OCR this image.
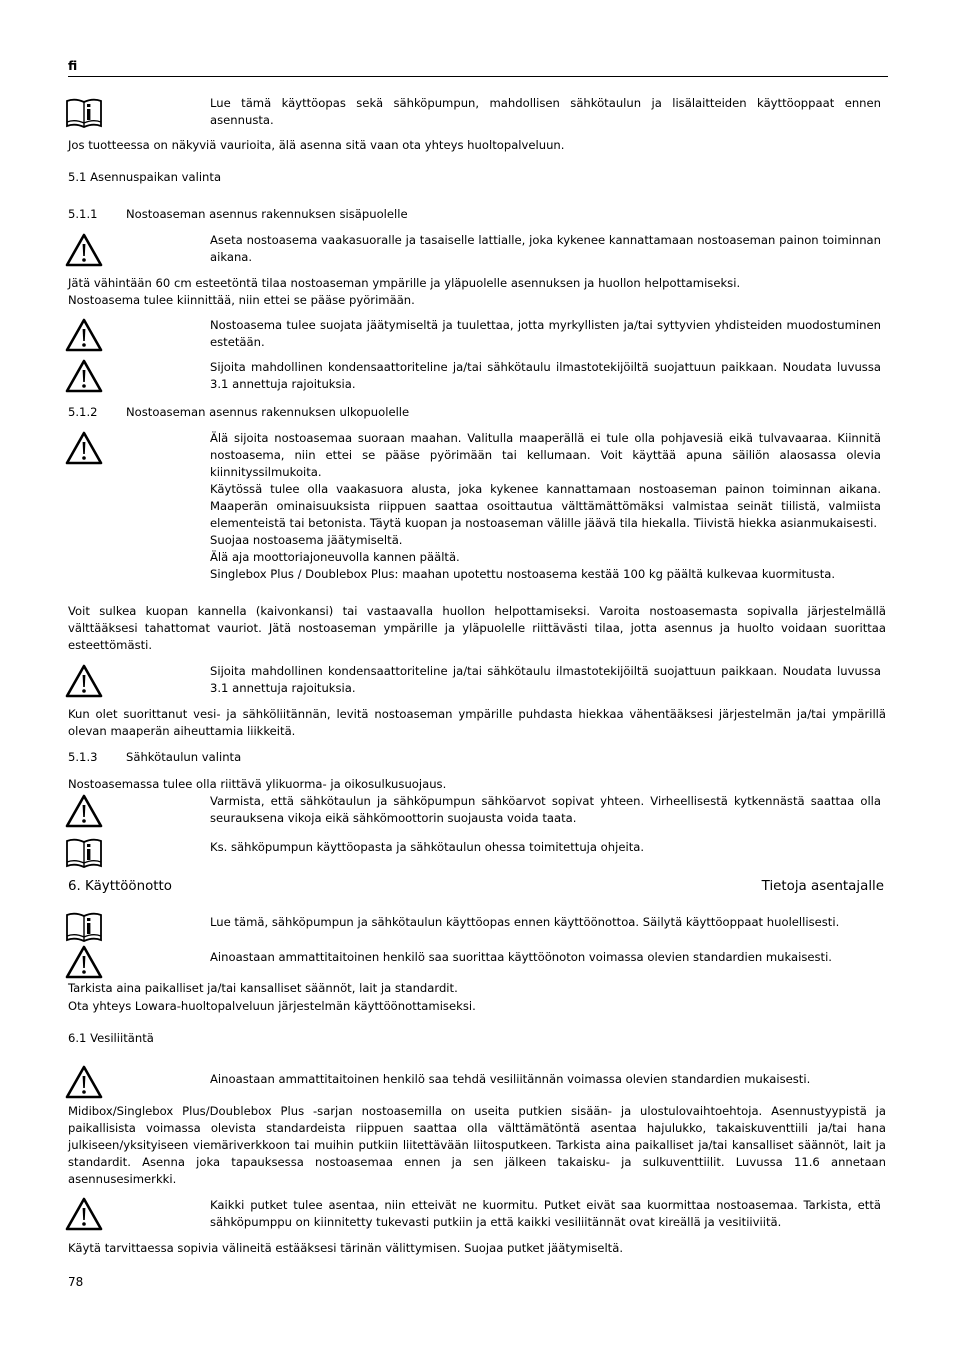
fi
Lue tämä käyttöopas sekä sähköpumpun, mahdollisen sähkötaulun ja lisälaitteiden käyttöoppaat ennen asennusta.

Jos tuotteessa on näkyviä vaurioita, älä asenna sitä vaan ota yhteys huoltopalveluun.

5.1 Asennuspaikan valinta
5.1.1 Nostoaseman asennus rakennuksen sisäpuolelle
Aseta nostoasema vaakasuoralle ja tasaiselle lattialle, joka kykenee kannattamaan nostoaseman painon toiminnan aikana.

Jätä vähintään 60 cm esteetöntä tilaa nostoaseman ympärille ja yläpuolelle asennuksen ja huollon helpottamiseksi.

Nostoasema tulee kiinnittää, niin ettei se pääse pyörimään.

Nostoasema tulee suojata jäätymiseltä ja tuulettaa, jotta myrkyllisten ja/tai syttyvien yhdisteiden muodostuminen estetään.
Sijoita mahdollinen kondensaattoriteline ja/tai sähkötaulu ilmastotekijöiltä suojattuun paikkaan. Noudata luvussa 3.1 annettuja rajoituksia.
5.1.2 Nostoaseman asennus rakennuksen ulkopuolelle

Älä sijoita nostoasemaa suoraan maahan. Valitulla maaperällä ei tule olla pohjavesiä eikä tulvavaaraa. Kiinnitä nostoasema, niin ettei se pääse pyörimään tai kellumaan. Voit käyttää apuna säiliön alaosassa olevia kiinnityssilmukoita.

Käytössä tulee olla vaakasuora alusta, joka kykenee kannattamaan nostoaseman painon toiminnan aikana. Maaperän ominaisuuksista riippuen saattaa osoittautua välttämättömäksi valmistaa seinät tiilistä, valmiista elementeistä tai betonista. Täytä kuopan ja nostoaseman välille jäävä tila hiekalla. Tiivistä hiekka asianmukaisesti.

Suojaa nostoasema jäätymiseltä.

Älä aja moottoriajoneuvolla kannen päältä.

Singlebox Plus / Doublebox Plus: maahan upotettu nostoasema kestää 100 kg päältä kulkevaa kuormitusta.

Voit sulkea kuopan kannella (kaivonkansi) tai vastaavalla huollon helpottamiseksi. Varoita nostoasemasta sopivalla järjestelmällä välttääksesi tahattomat vauriot. Jätä nostoaseman ympärille ja yläpuolelle riittävästi tilaa, jotta asennus ja huolto voidaan suorittaa esteettömästi.

Sijoita mahdollinen kondensaattoriteline ja/tai sähkötaulu ilmastotekijöiltä suojattuun paikkaan. Noudata luvussa 3.1 annettuja rajoituksia.

Kun olet suorittanut vesi- ja sähköliitännän, levitä nostoaseman ympärille puhdasta hiekkaa vähentääksesi järjestelmän ja/tai ympärillä olevan maaperän aiheuttamia liikkeitä.

5.1.3 Sähkötaulun valinta

Nostoasemassa tulee olla riittävä ylikuorma- ja oikosulkusuojaus.

Varmista, että sähkötaulun ja sähköpumpun sähköarvot sopivat yhteen. Virheellisestä kytkennästä saattaa olla seurauksena vikoja eikä sähkömoottorin suojausta voida taata.
Ks. sähköpumpun käyttöopasta ja sähkötaulun ohessa toimitettuja ohjeita.
6. Käyttöönotto	Tietoja asentajalle
Lue tämä, sähköpumpun ja sähkötaulun käyttöopas ennen käyttöönottoa. Säilytä käyttöoppaat huolellisesti.
Ainoastaan ammattitaitoinen henkilö saa suorittaa käyttöönoton voimassa olevien standardien mukaisesti.

Tarkista aina paikalliset ja/tai kansalliset säännöt, lait ja standardit.

Ota yhteys Lowara-huoltopalveluun järjestelmän käyttöönottamiseksi.

6.1 Vesiliitäntä
Ainoastaan ammattitaitoinen henkilö saa tehdä vesiliitännän voimassa olevien standardien mukaisesti.

Midibox/Singlebox Plus/Doublebox Plus -sarjan nostoasemilla on useita putkien sisään- ja ulostulovaihtoehtoja. Asennustyypistä ja paikallisista voimassa olevista standardeista riippuen saattaa olla välttämätöntä asentaa hajulukko, takaiskuventtiili ja/tai hana julkiseen/yksityiseen viemäriverkkoon tai muihin putkiin liitettävään liitosputkeen. Tarkista aina paikalliset ja/tai kansalliset säännöt, lait ja standardit. Asenna joka tapauksessa nostoasemaa ennen ja sen jälkeen takaisku- ja sulkuventtiilit. Luvussa 11.6 annetaan asennusesimerkki.

Kaikki putket tulee asentaa, niin etteivät ne kuormitu. Putket eivät saa kuormittaa nostoasemaa. Tarkista, että sähköpumppu on kiinnitetty tukevasti putkiin ja että kaikki vesiliitännät ovat kireällä ja vesitiiviitä.

Käytä tarvittaessa sopivia välineitä estääksesi tärinän välittymisen. Suojaa putket jäätymiseltä.

78
